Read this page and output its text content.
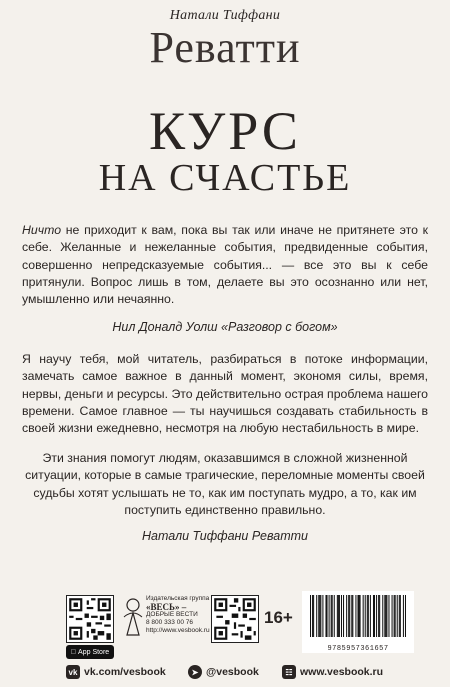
Натали Тиффани
Реватти
КУРС
НА СЧАСТЬЕ
Ничто не приходит к вам, пока вы так или иначе не притянете это к себе. Желанные и нежеланные события, предвиденные события, совершенно непредсказуемые события... — все это вы к себе притянули. Вопрос лишь в том, делаете вы это осознанно или нет, умышленно или нечаянно.
Нил Доналд Уолш «Разговор с богом»
Я научу тебя, мой читатель, разбираться в потоке информации, замечать самое важное в данный момент, экономя силы, время, нервы, деньги и ресурсы. Это действительно острая проблема нашего времени. Самое главное — ты научишься создавать стабильность в своей жизни ежедневно, несмотря на любую нестабильность в мире.
Эти знания помогут людям, оказавшимся в сложной жизненной ситуации, которые в самые трагические, переломные моменты своей судьбы хотят услышать не то, как им поступать мудро, а то, как им поступить единственно правильно.
Натали Тиффани Реватти
App Store
Издательская группа
«ВЕСЬ» –
ДОБРЫЕ ВЕСТИ
8 800 333 00 76
http://www.vesbook.ru
16+
9785957361657
vk vk.com/vesbook	➤ @vesbook	☷ www.vesbook.ru
